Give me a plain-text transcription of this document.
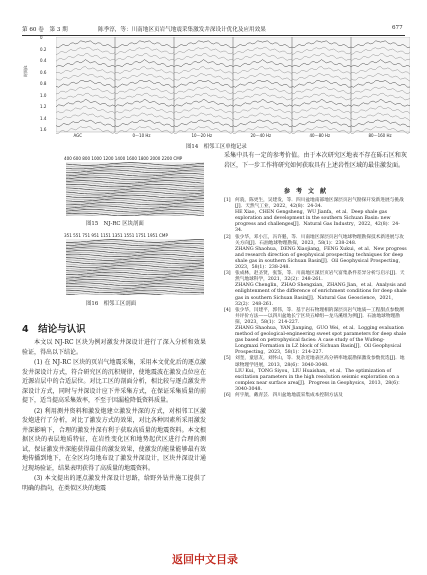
第 60 卷　第 3 期	陈季淳，等：川南地区页岩气地震采集激发井深设计优化及应用效果	677
时间/s
0
0.2
0.4
0.6
0.8
1.0
1.2
1.4
1.6
AGC	0～10 Hz	10～20 Hz	20～40 Hz	40～80 Hz	80～160 Hz
图14　相邻工区单炮记录
400 600 800 1000 1200 1400 1600 1800 2000 2200 CMP
图15　NJ-RC 区块剖面
351 551 751 951 1151 1351 1551 1751 1951 CMP
图16　相邻工区剖面
4　结论与认识

本文以 NJ-RC 区块为例对激发井深设计进行了深入分析和效果验证，得出以下结论。

(1) 在 NJ-RC 区块的页岩气地震采集，采用本文优化后的逐点激发井深设计方式，符合研究区的沉积规律，使地震波在激发点位应在近源岩层中的合适层位。对比工区的剖面分析，相比较与逐点激发井深设计方式，同时与井深设计应下井采集方式，在保证采集质量的前提下，适当提高采集效率，不至于因漏检降低资料质量。

(2) 利用测井资料和激发炮建立激发井深的方式，对相邻工区激发炮进行了分析，对比了激发方式的效果，对比各种因素所采用激发井深影响下，合理的激发井深有利于获取高质量的地震资料。本文根据区块的表层地质特征，在岩性变化区和地势起伏区进行合理的测试，保证激发井深能获得最佳的激发效果，使激发的能量能够最有效地传播到地下，在全区均匀地布设了激发井深设计，区块井深设计通过现场验证，结果表明获得了高质量的地震资料。

(3) 本文提出的逐点激发井深设计思路，给野外钻井施工提供了明确的指向，在类似区块的地震

采集中具有一定的参考价值。由于本次研究区地表不存在砾石区和灰岩区，下一步工作将研究如何获取具有上述岩性区域的最佳激发面。
参　考　文　献

[1] 何骁，陈更生，吴建发，等．四川盆地南部地区深层页岩气勘探开发新进展与挑战[J]．天然气工业，2022，42(8)：24-34.

HE Xiao，CHEN Gengsheng，WU Jianfa，et al．Deep shale gas exploration and development in the southern Sichuan Basin: new progress and challenges[J]．Natural Gas Industry，2022，42(8)：24-34.

[2] 张少华，邓小江，冯许魁，等．川南地区深层页岩气地球物理勘探技术新进展与攻关方向[J]．石油地球物理勘探，2023，58(1)：238-248.

ZHANG Shaohua，DENG Xiaojiang，FENG Xukui，et al．New progress and research direction of geophysical prospecting techniques for deep shale gas in southern Sichuan Basin[J]．Oil Geophysical Prospecting，2023，58(1)：238-248.

[3] 张成林，赵圣贤，张鉴，等．川南地区深层页岩气富集条件差异分析与启示[J]．天然气地球科学，2021，32(2)：248-261.

ZHANG Chenglin，ZHAO Shengxian，ZHANG Jian，et al．Analysis and enlightenment of the difference of enrichment conditions for deep shale gas in southern Sichuan Basin[J]．Natural Gas Geoscience，2021，32(2)：248-261.

[4] 张少华，闫建平，郭伟，等．基于岩石物理相的深层页岩气地质—工程甜点参数测井评价方法——以四川盆地长宁区块五峰组—龙马溪组为例[J]．石油地球物理勘探，2023，58(1)：214-227.

ZHANG Shaohua，YAN Jianping，GUO Wei，et al．Logging evaluation method of geological-engineering sweet spot parameters for deep shale gas based on petrophysical facies: A case study of the Wufeng-Longmaxi Formation in LZ block of Sichuan Basin[J]．Oil Geophysical Prospecting，2023，58(1)：214-227.

[5] 刘奎，童思友，刘怀山，等．复杂近地表区高分辨率地震勘探激发参数优选[J]．地球物理学进展，2013，28(6)：3040-3048.

LIU Kui，TONG Siyou，LIU Huaishan，et al．The optimization of excitation parameters in the high resolution seismic exploration on a complex near surface area[J]．Progress in Geophysics，2013，28(6)：3040-3048.

[6] 何宇航，戴青芸．四川盆地地震采集成本控制方法及

返回中文目录
